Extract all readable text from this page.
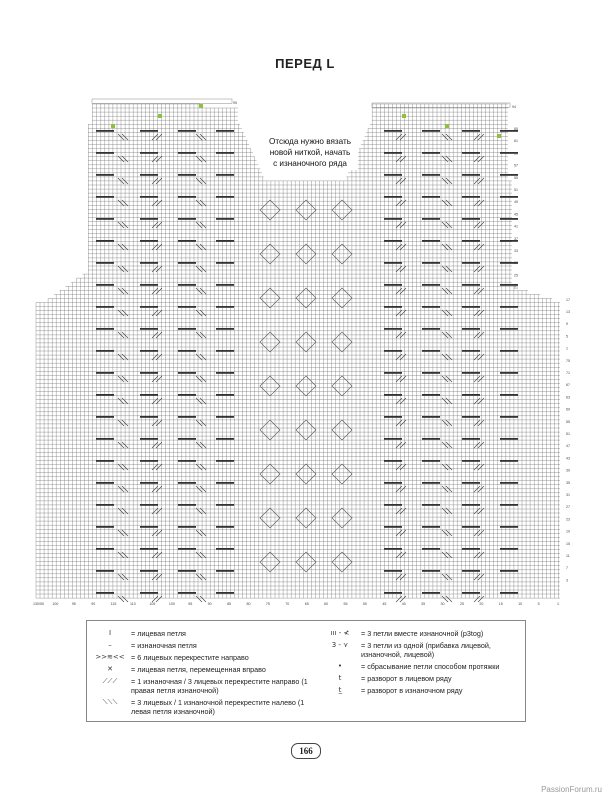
ПЕРЕД L
65
61
59
57
55
51
49
45
41
37
33
29
25
21
17
13
9
5
1
75
71
67
63
59
55
51
47
43
39
35
31
27
23
19
15
11
7
3
95
94
130/50 100	95	90	115	110	105	100	95	90	85	80	75	70	65	60	55	50	45	40	35	30	25	20	15	10	5	1
Отсюда нужно вязать
новой ниткой, начать
с изнаночного ряда
I	= лицевая петля
–	= изнаночная петля
>>≋<< = 6 лицевых перекрестите направо
✕	= лицевая петля, перемещенная вправо
⟋⟋⟋	= 1 изнаночная / 3 лицевых перекрестите направо (1 правая петля изнаночной)
⟍⟍⟍	= 3 лицевых / 1 изнаночной перекрестите налево (1 левая петля изнаночной)
ııı - ≮	= 3 петли вместе изнаночной (p3tog)
3 - ⋎	= 3 петли из одной (прибавка лицевой, изнаночной, лицевой)
•	= сбрасывание петли способом протяжки
t	= разворот в лицевом ряду
t̲	= разворот в изнаночном ряду
166
PassionForum.ru
